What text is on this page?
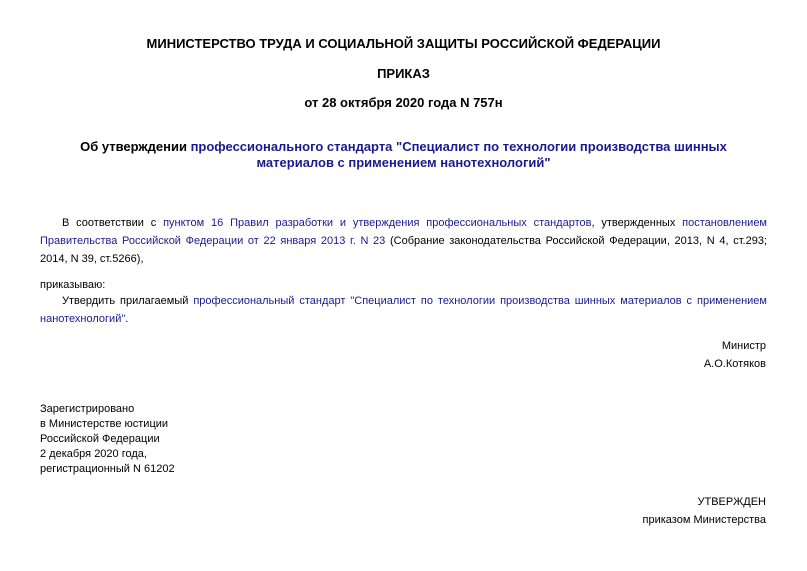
МИНИСТЕРСТВО ТРУДА И СОЦИАЛЬНОЙ ЗАЩИТЫ РОССИЙСКОЙ ФЕДЕРАЦИИ
ПРИКАЗ
от 28 октября 2020 года N 757н
Об утверждении профессионального стандарта "Специалист по технологии производства шинных материалов с применением нанотехнологий"
В соответствии с пунктом 16 Правил разработки и утверждения профессиональных стандартов, утвержденных постановлением Правительства Российской Федерации от 22 января 2013 г. N 23 (Собрание законодательства Российской Федерации, 2013, N 4, ст.293; 2014, N 39, ст.5266),
приказываю:
Утвердить прилагаемый профессиональный стандарт "Специалист по технологии производства шинных материалов с применением нанотехнологий".
Министр
А.О.Котяков
Зарегистрировано
в Министерстве юстиции
Российской Федерации
2 декабря 2020 года,
регистрационный N 61202
УТВЕРЖДЕН
приказом Министерства
